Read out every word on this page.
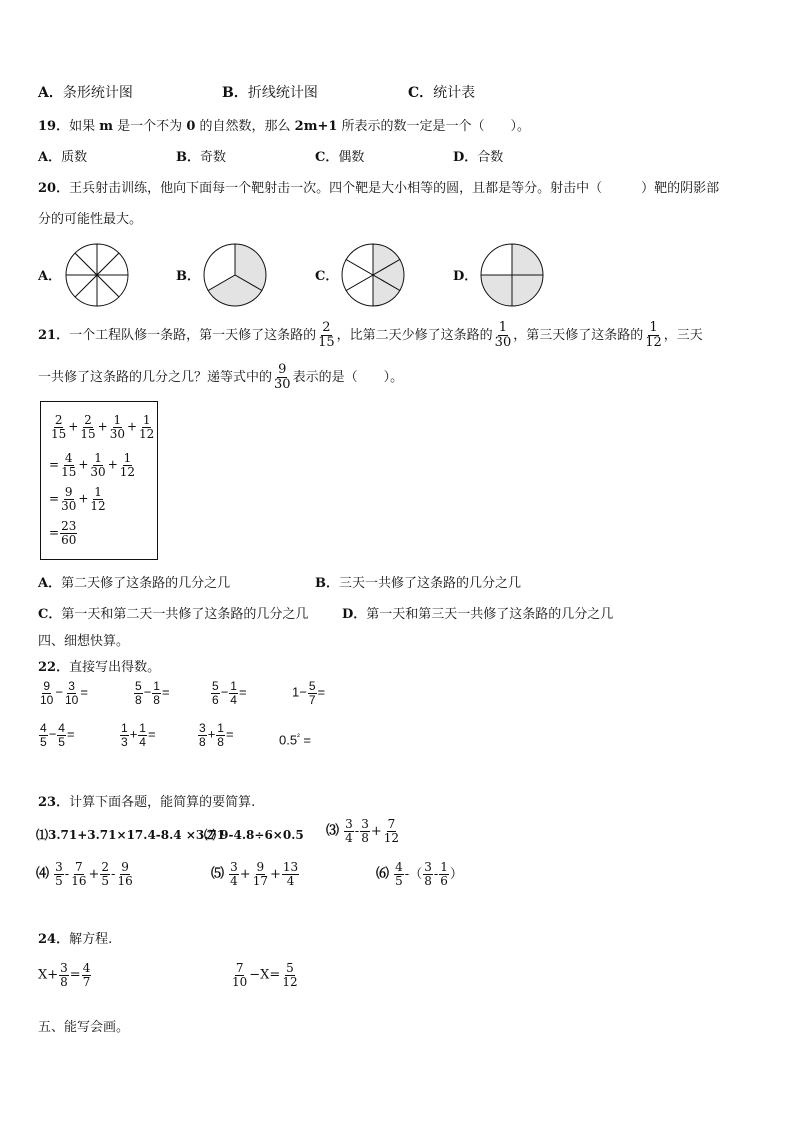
A．条形统计图	B．折线统计图	C．统计表
19．如果 m 是一个不为 0 的自然数，那么 2m+1 所表示的数一定是一个（　　）。
A．质数	B．奇数	C．偶数	D．合数
20．王兵射击训练，他向下面每一个靶射击一次。四个靶是大小相等的圆，且都是等分。射击中（　　　）靶的阴影部
分的可能性最大。
A．	B．	C．	D．
21．一个工程队修一条路，第一天修了这条路的 $\frac{2}{15}$ ，比第二天少修了这条路的 $\frac{1}{30}$ ，第三天修了这条路的 $\frac{1}{12}$ ，三天
一共修了这条路的几分之几？递等式中的 $\frac{9}{30}$ 表示的是（　　）。
$\frac{2}{15} + \frac{2}{15} + \frac{1}{30} + \frac{1}{12}$
= $\frac{4}{15} + \frac{1}{30} + \frac{1}{12}$
= $\frac{9}{30} + \frac{1}{12}$
= $\frac{23}{60}$
A．第二天修了这条路的几分之几	B．三天一共修了这条路的几分之几
C．第一天和第二天一共修了这条路的几分之几	D．第一天和第三天一共修了这条路的几分之几
四、细想快算。
22．直接写出得数。
$\frac{9}{10} - \frac{3}{10}$ =	$\frac{5}{8} - \frac{1}{8}$ =	$\frac{5}{6} - \frac{1}{4}$ =	$1- \frac{5}{7}$ =
$\frac{4}{5} - \frac{4}{5}$ =	$\frac{1}{3} + \frac{1}{4}$ =	$\frac{3}{8} + \frac{1}{8}$ =	$0.5^{^2}$ =
23．计算下面各题，能简算的要简算.
⑴3.71+3.71×17.4-8.4 ×3.71
⑵ 9-4.8÷6×0.5 ⑶ $\frac{3}{4} - \frac{3}{8} + \frac{7}{12}$
⑷ $\frac{3}{5} - \frac{7}{16} + \frac{2}{5} - \frac{9}{16}$	⑸ $\frac{3}{4} + \frac{9}{17} + \frac{13}{4}$	⑹ $\frac{4}{5}$ -（ $\frac{3}{8} - \frac{1}{6}$ ）
24．解方程.
$X+ \frac{3}{8} = \frac{4}{7}$	$\frac{7}{10} -X= \frac{5}{12}$
五、能写会画。
